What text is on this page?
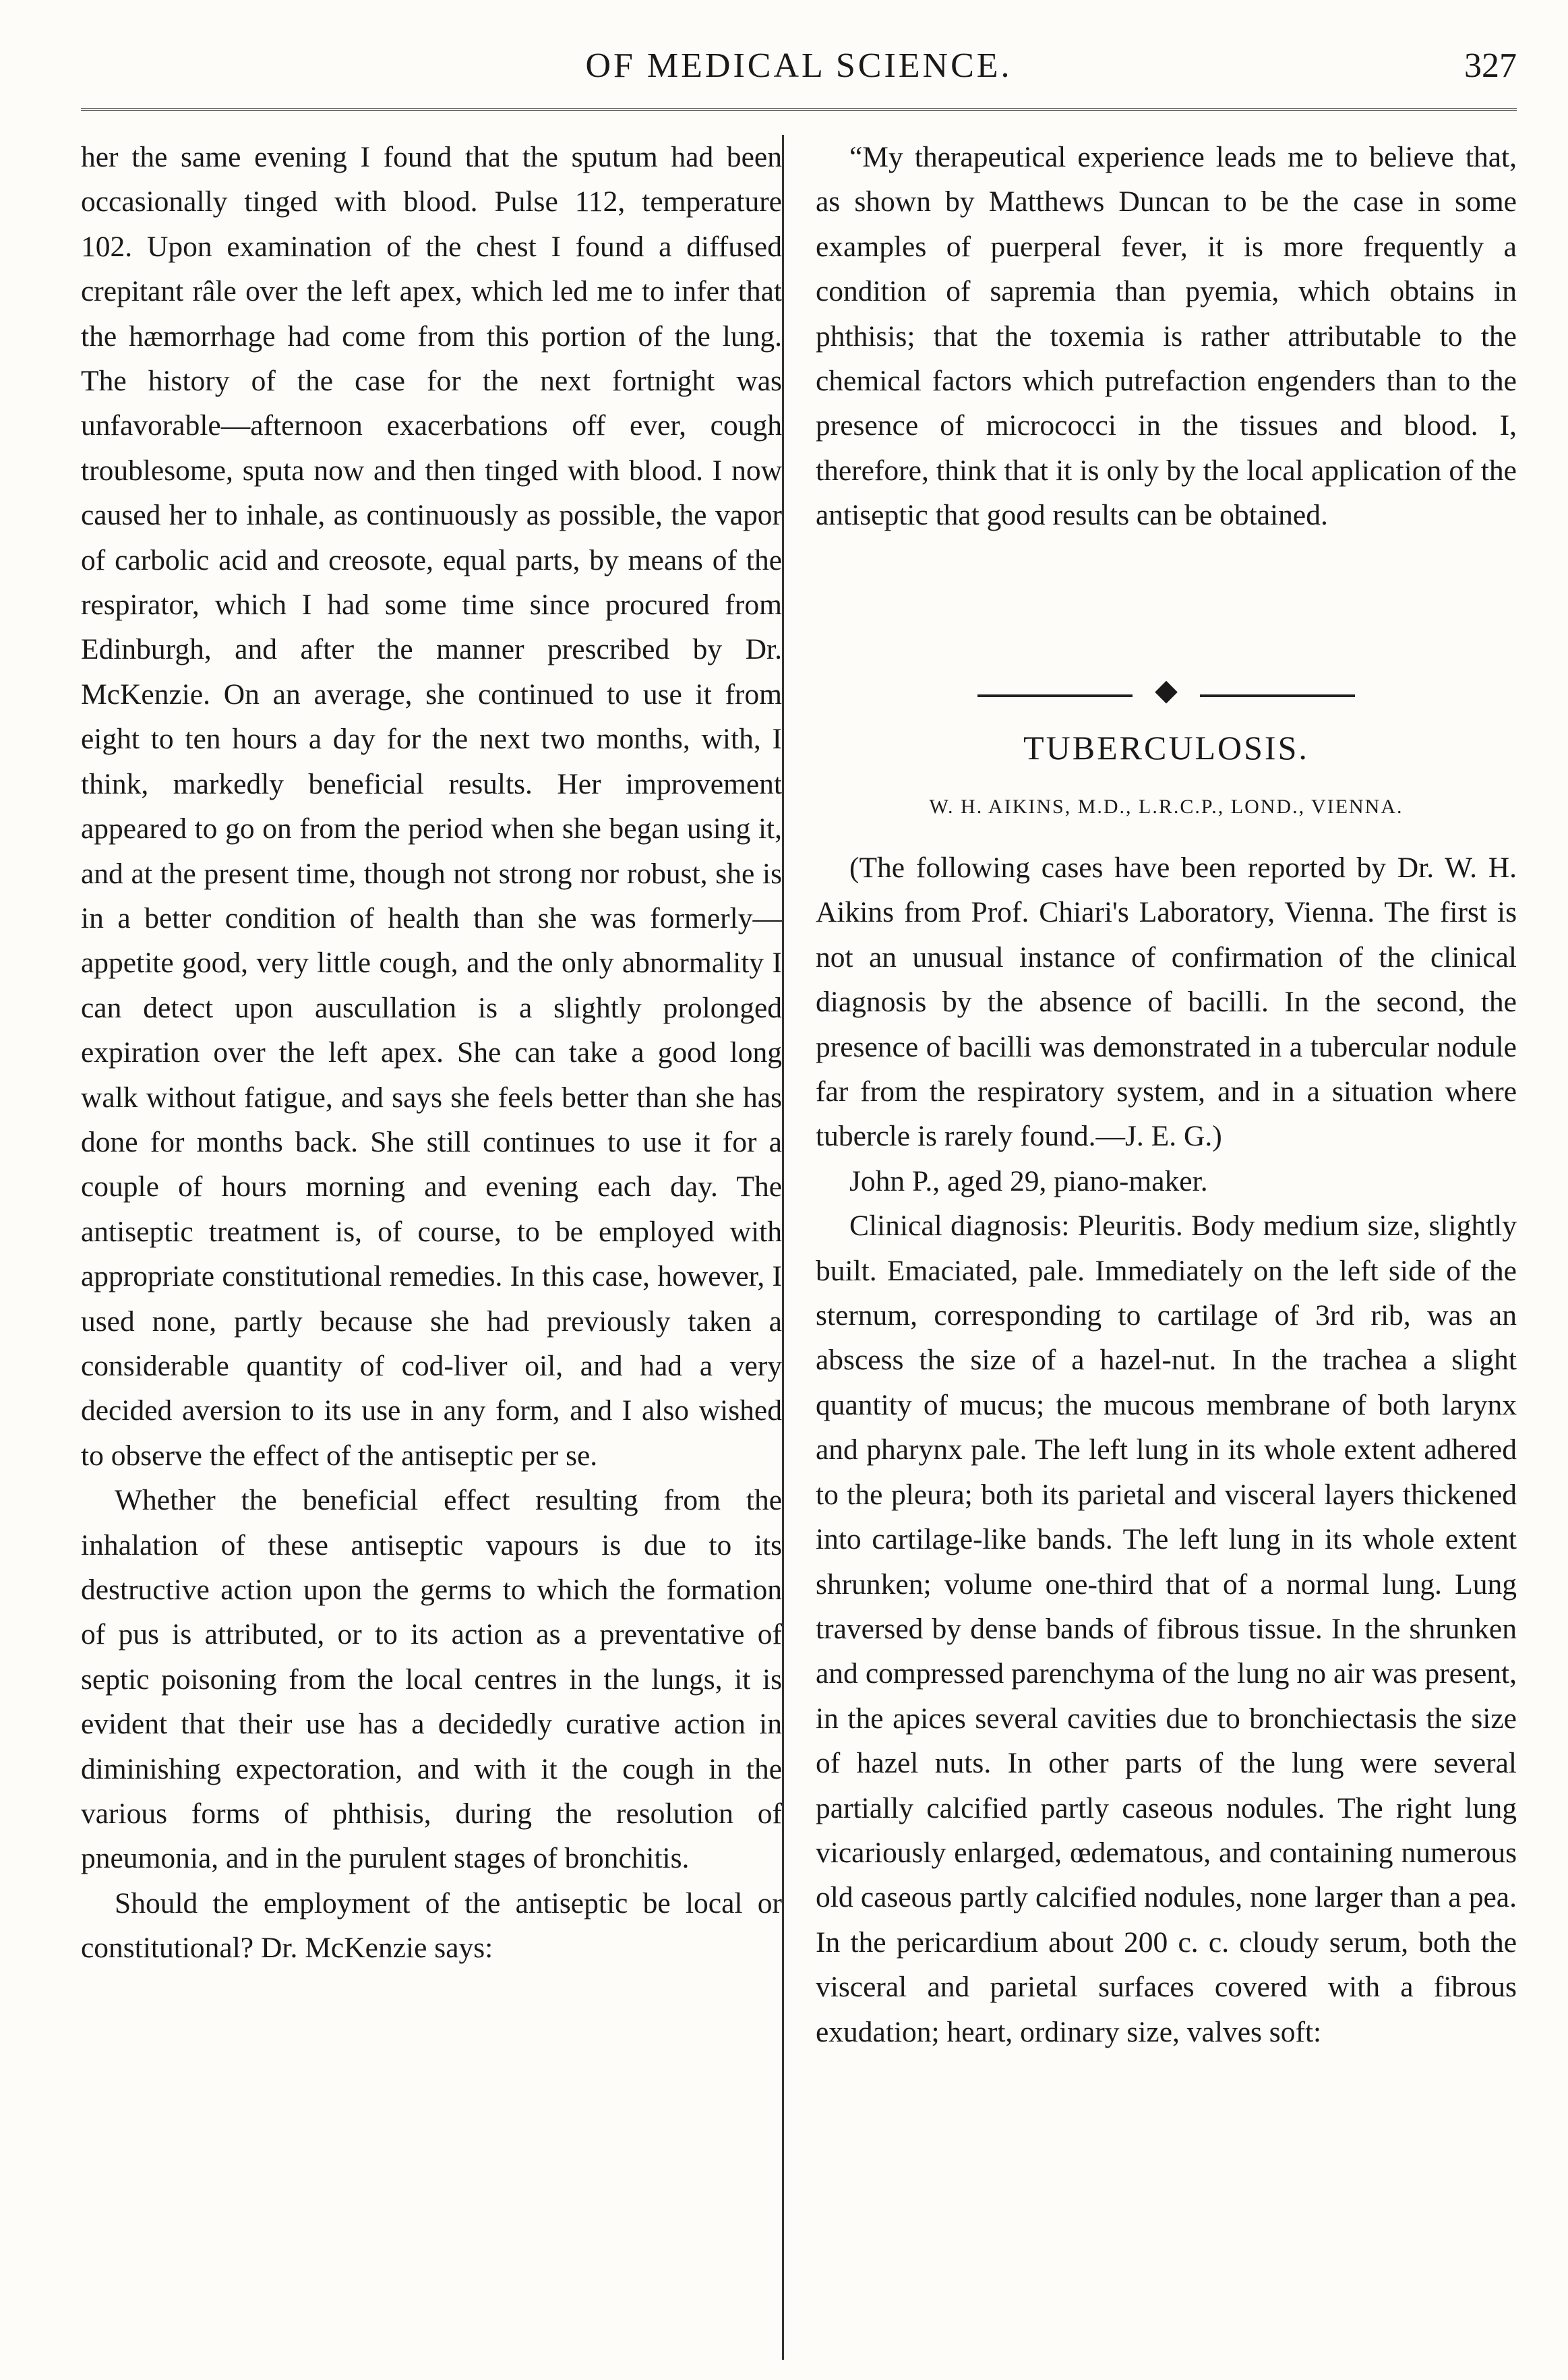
OF MEDICAL SCIENCE.	327

her the same evening I found that the sputum had been occasionally tinged with blood. Pulse 112, temperature 102. Upon examination of the chest I found a diffused crepitant râle over the left apex, which led me to infer that the hæmorrhage had come from this portion of the lung. The history of the case for the next fortnight was unfavorable—afternoon exacerbations off ever, cough troublesome, sputa now and then tinged with blood. I now caused her to inhale, as continuously as possible, the vapor of carbolic acid and creosote, equal parts, by means of the respirator, which I had some time since procured from Edinburgh, and after the manner prescribed by Dr. McKenzie. On an average, she continued to use it from eight to ten hours a day for the next two months, with, I think, markedly beneficial results. Her improvement appeared to go on from the period when she began using it, and at the present time, though not strong nor robust, she is in a better condition of health than she was formerly—appetite good, very little cough, and the only abnormality I can detect upon auscullation is a slightly prolonged expiration over the left apex. She can take a good long walk without fatigue, and says she feels better than she has done for months back. She still continues to use it for a couple of hours morning and evening each day. The antiseptic treatment is, of course, to be employed with appropriate constitutional remedies. In this case, however, I used none, partly because she had previously taken a considerable quantity of cod-liver oil, and had a very decided aversion to its use in any form, and I also wished to observe the effect of the antiseptic per se.

Whether the beneficial effect resulting from the inhalation of these antiseptic vapours is due to its destructive action upon the germs to which the formation of pus is attributed, or to its action as a preventative of septic poisoning from the local centres in the lungs, it is evident that their use has a decidedly curative action in diminishing expectoration, and with it the cough in the various forms of phthisis, during the resolution of pneumonia, and in the purulent stages of bronchitis.

Should the employment of the antiseptic be local or constitutional? Dr. McKenzie says:

“My therapeutical experience leads me to believe that, as shown by Matthews Duncan to be the case in some examples of puerperal fever, it is more frequently a condition of sapremia than pyemia, which obtains in phthisis; that the toxemia is rather attributable to the chemical factors which putrefaction engenders than to the presence of micrococci in the tissues and blood. I, therefore, think that it is only by the local application of the antiseptic that good results can be obtained.

◆
TUBERCULOSIS.
W. H. AIKINS, M.D., L.R.C.P., LOND., VIENNA.

(The following cases have been reported by Dr. W. H. Aikins from Prof. Chiari's Laboratory, Vienna. The first is not an unusual instance of confirmation of the clinical diagnosis by the absence of bacilli. In the second, the presence of bacilli was demonstrated in a tubercular nodule far from the respiratory system, and in a situation where tubercle is rarely found.—J. E. G.)

John P., aged 29, piano-maker.

Clinical diagnosis: Pleuritis. Body medium size, slightly built. Emaciated, pale. Immediately on the left side of the sternum, corresponding to cartilage of 3rd rib, was an abscess the size of a hazel-nut. In the trachea a slight quantity of mucus; the mucous membrane of both larynx and pharynx pale. The left lung in its whole extent adhered to the pleura; both its parietal and visceral layers thickened into cartilage-like bands. The left lung in its whole extent shrunken; volume one-third that of a normal lung. Lung traversed by dense bands of fibrous tissue. In the shrunken and compressed parenchyma of the lung no air was present, in the apices several cavities due to bronchiectasis the size of hazel nuts. In other parts of the lung were several partially calcified partly caseous nodules. The right lung vicariously enlarged, œdematous, and containing numerous old caseous partly calcified nodules, none larger than a pea. In the pericardium about 200 c. c. cloudy serum, both the visceral and parietal surfaces covered with a fibrous exudation; heart, ordinary size, valves soft:
